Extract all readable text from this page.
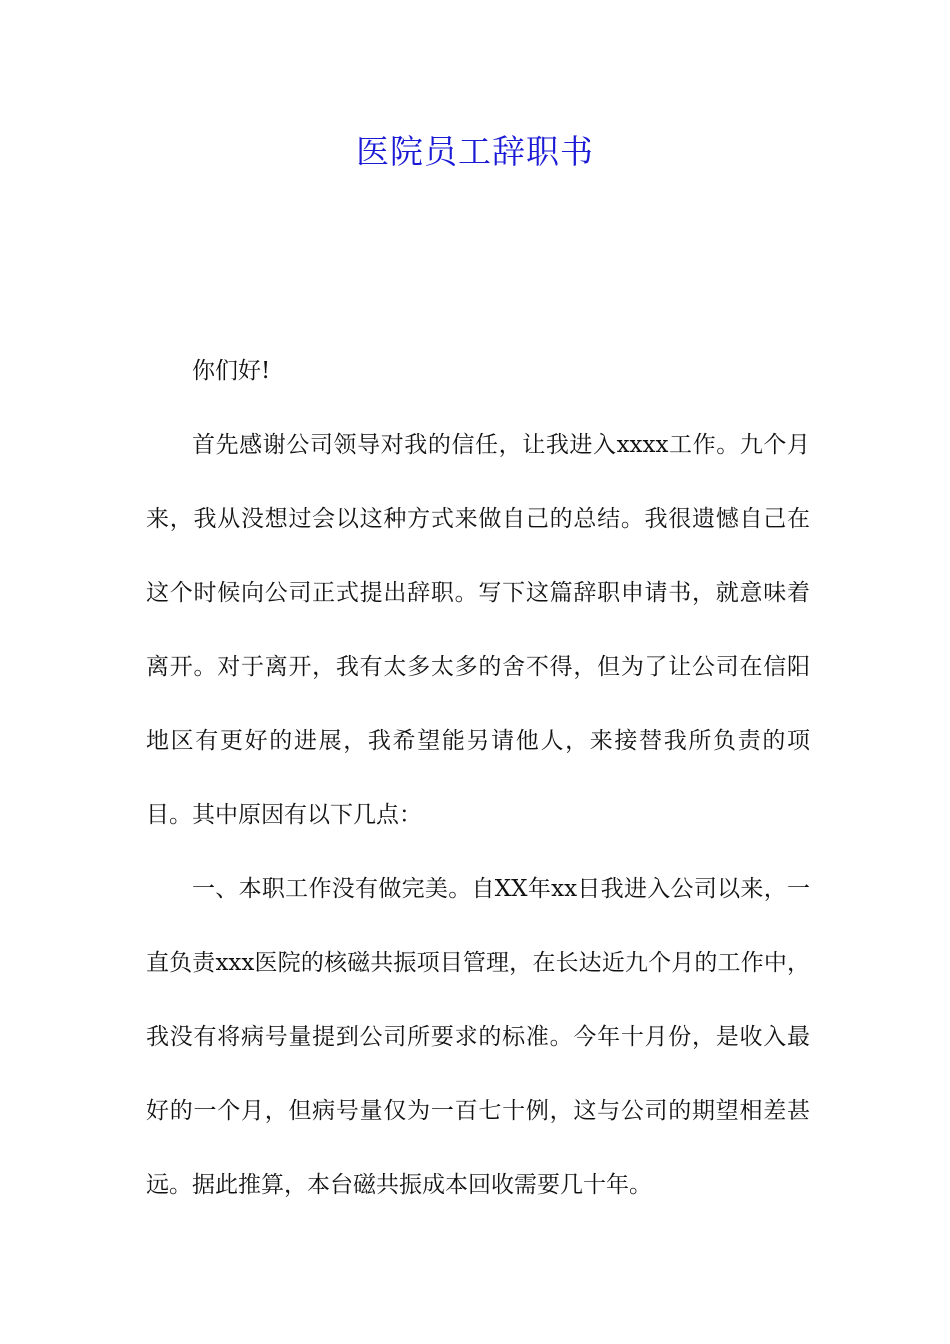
医院员工辞职书

你们好!

首先感谢公司领导对我的信任，让我进入xxxx工作。九个月来，我从没想过会以这种方式来做自己的总结。我很遗憾自己在这个时候向公司正式提出辞职。写下这篇辞职申请书，就意味着离开。对于离开，我有太多太多的舍不得，但为了让公司在信阳地区有更好的进展，我希望能另请他人，来接替我所负责的项目。其中原因有以下几点：

一、本职工作没有做完美。自XX年xx日我进入公司以来，一直负责xxx医院的核磁共振项目管理，在长达近九个月的工作中，我没有将病号量提到公司所要求的标准。今年十月份，是收入最好的一个月，但病号量仅为一百七十例，这与公司的期望相差甚远。据此推算，本台磁共振成本回收需要几十年。
